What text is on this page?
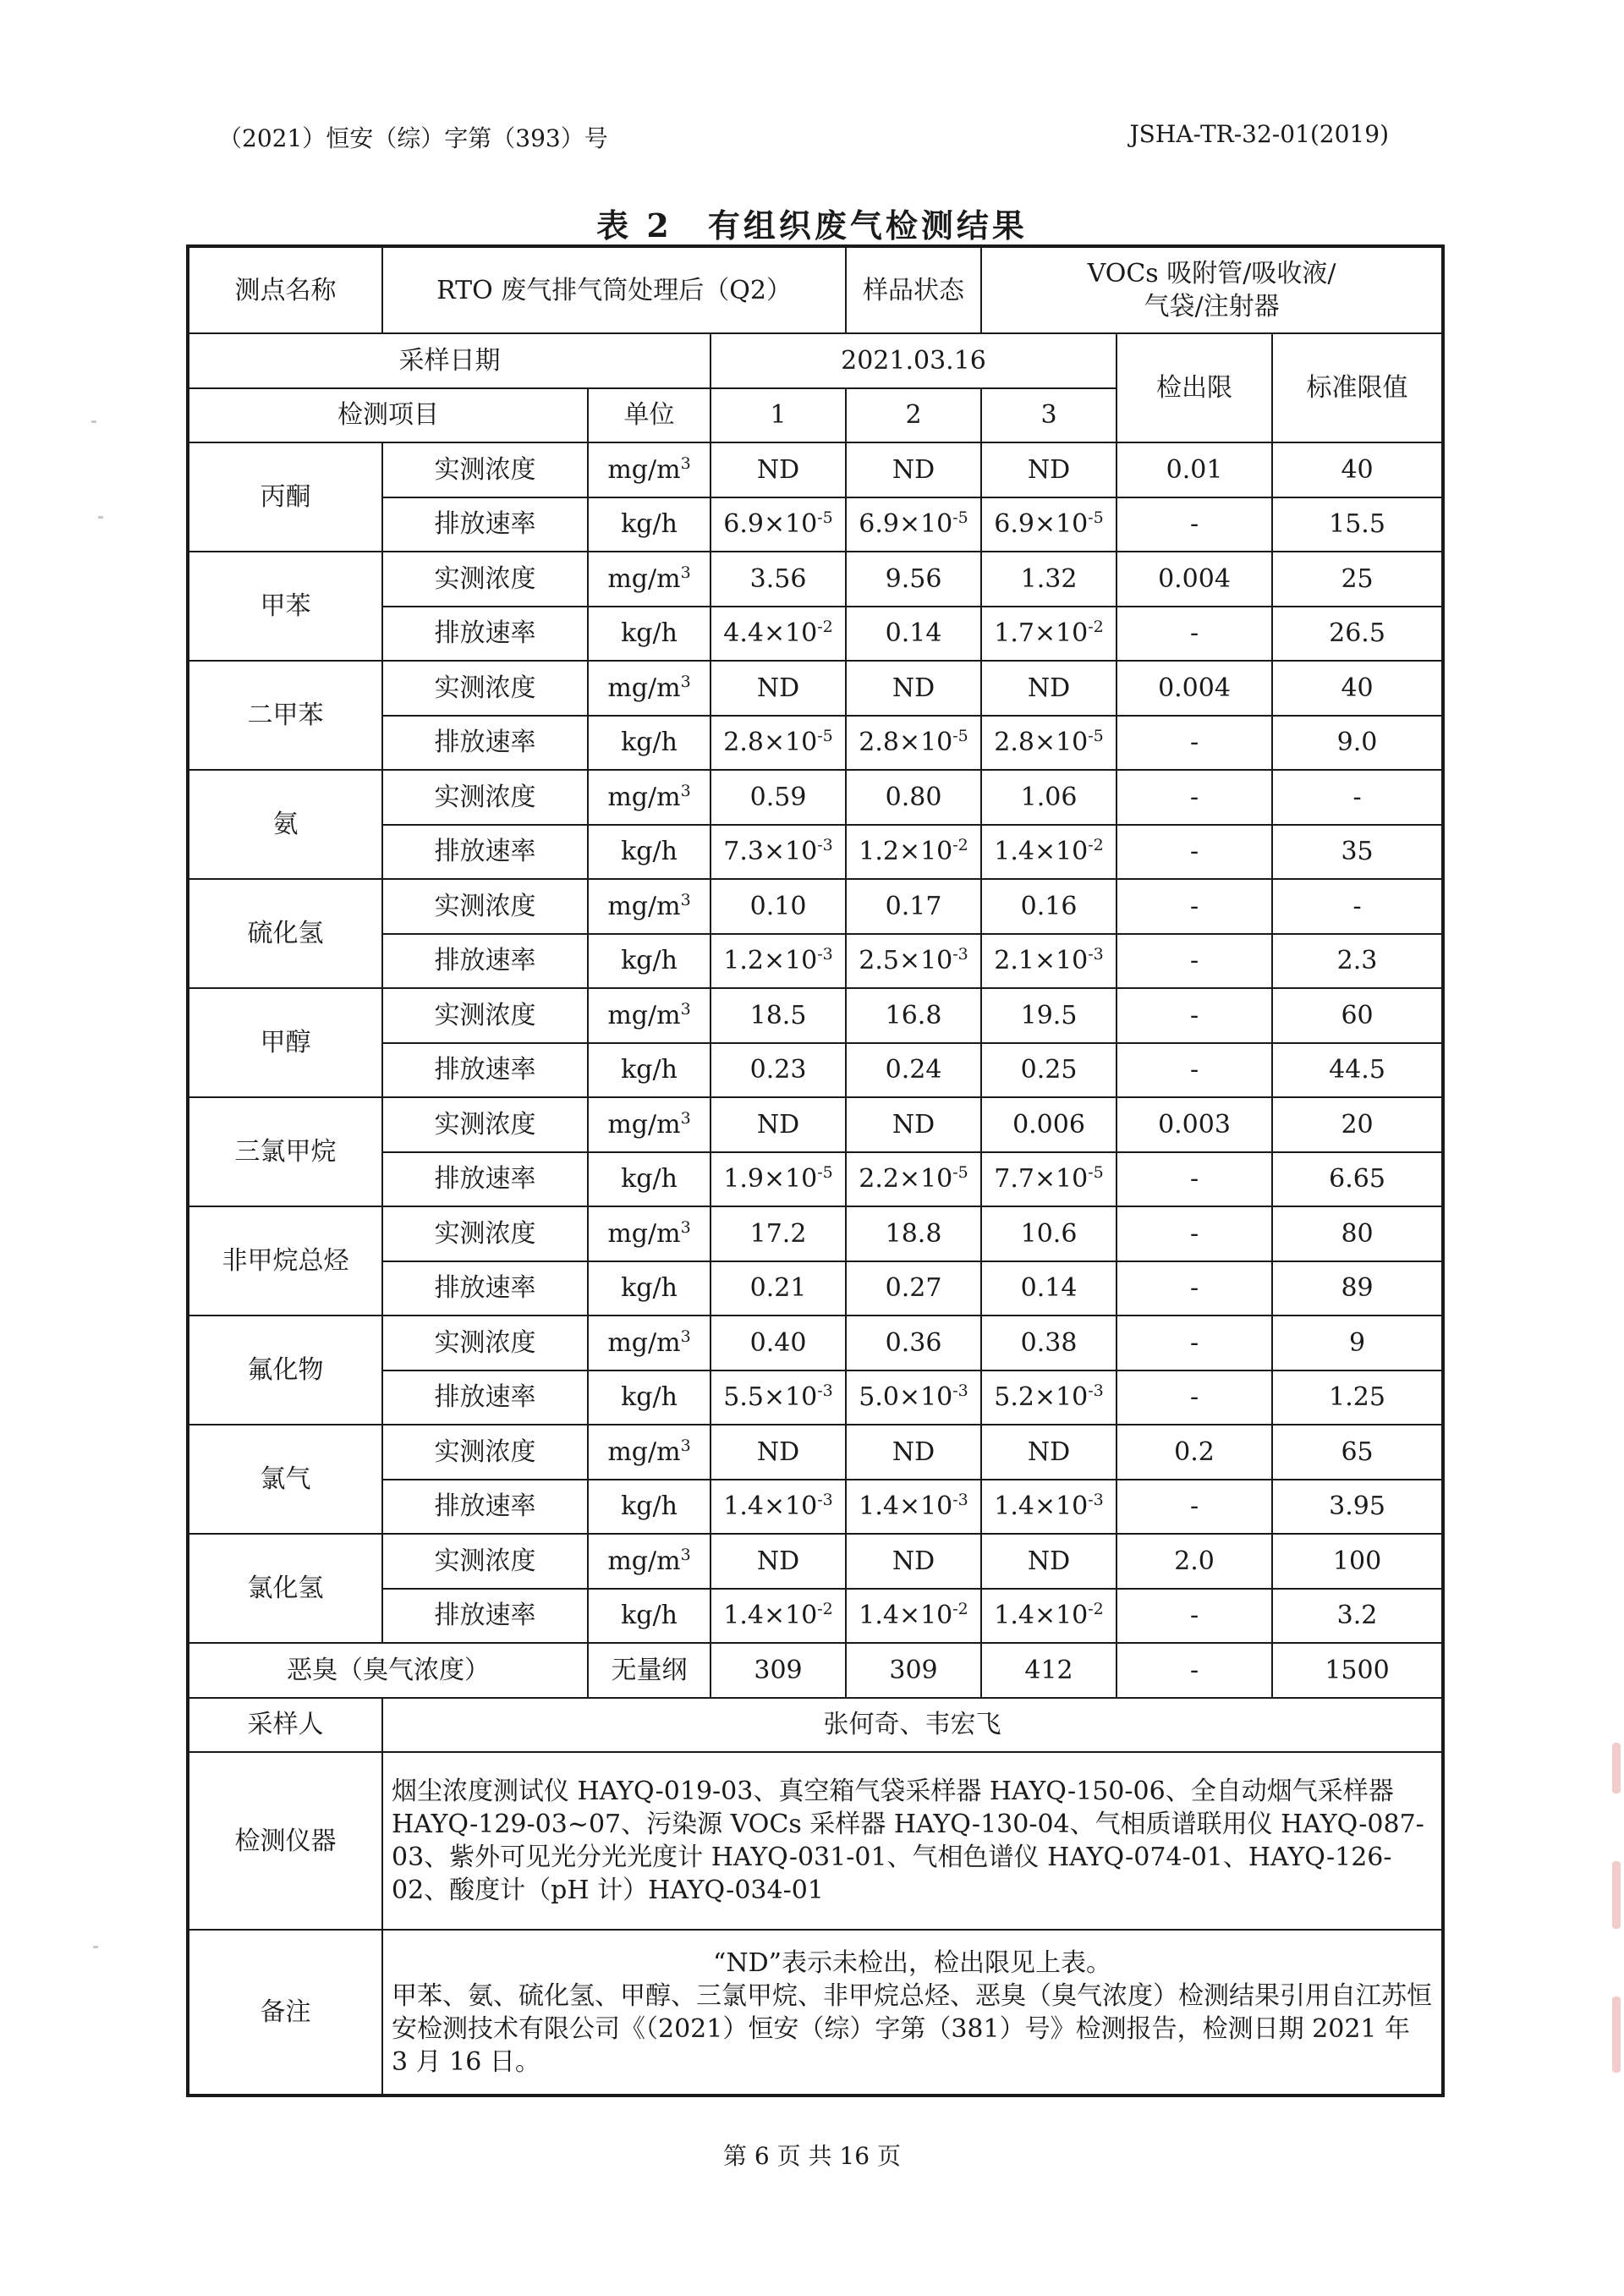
（2021）恒安（综）字第（393）号	JSHA-TR-32-01(2019)
表 2　有组织废气检测结果
测点名称	RTO 废气排气筒处理后（Q2）			样品状态	VOCs 吸附管/吸收液/
气袋/注射器		

采样日期			2021.03.16			检出限	标准限值
检测项目		单位	1	2	3		
丙酮	实测浓度	$mg/m^3$	ND	ND	ND	0.01	40
	排放速率	kg/h	$6.9\times 10^{-5}$	$6.9\times 10^{-5}$	$6.9\times 10^{-5}$	-	15.5
甲苯	实测浓度	$mg/m^3$	3.56	9.56	1.32	0.004	25
	排放速率	kg/h	$4.4\times 10^{-2}$	0.14	$1.7\times 10^{-2}$	-	26.5
二甲苯	实测浓度	$mg/m^3$	ND	ND	ND	0.004	40
	排放速率	kg/h	$2.8\times 10^{-5}$	$2.8\times 10^{-5}$	$2.8\times 10^{-5}$	-	9.0
氨	实测浓度	$mg/m^3$	0.59	0.80	1.06	-	-
	排放速率	kg/h	$7.3\times 10^{-3}$	$1.2\times 10^{-2}$	$1.4\times 10^{-2}$	-	35
硫化氢	实测浓度	$mg/m^3$	0.10	0.17	0.16	-	-
	排放速率	kg/h	$1.2\times 10^{-3}$	$2.5\times 10^{-3}$	$2.1\times 10^{-3}$	-	2.3
甲醇	实测浓度	$mg/m^3$	18.5	16.8	19.5	-	60
	排放速率	kg/h	0.23	0.24	0.25	-	44.5
三氯甲烷	实测浓度	$mg/m^3$	ND	ND	0.006	0.003	20
	排放速率	kg/h	$1.9\times 10^{-5}$	$2.2\times 10^{-5}$	$7.7\times 10^{-5}$	-	6.65
非甲烷总烃	实测浓度	$mg/m^3$	17.2	18.8	10.6	-	80
	排放速率	kg/h	0.21	0.27	0.14	-	89
氟化物	实测浓度	$mg/m^3$	0.40	0.36	0.38	-	9
	排放速率	kg/h	$5.5\times 10^{-3}$	$5.0\times 10^{-3}$	$5.2\times 10^{-3}$	-	1.25
氯气	实测浓度	$mg/m^3$	ND	ND	ND	0.2	65
	排放速率	kg/h	$1.4\times 10^{-3}$	$1.4\times 10^{-3}$	$1.4\times 10^{-3}$	-	3.95
氯化氢	实测浓度	$mg/m^3$	ND	ND	ND	2.0	100
	排放速率	kg/h	$1.4\times 10^{-2}$	$1.4\times 10^{-2}$	$1.4\times 10^{-2}$	-	3.2
恶臭（臭气浓度）		无量纲	309	309	412	-	1500
采样人	张何奇、韦宏飞						
检测仪器	烟尘浓度测试仪 HAYQ-019-03、真空箱气袋采样器 HAYQ-150-06、全自动烟气采样器 HAYQ-129-03~07、污染源 VOCs 采样器 HAYQ-130-04、气相质谱联用仪 HAYQ-087-03、紫外可见光分光光度计 HAYQ-031-01、气相色谱仪 HAYQ-074-01、HAYQ-126-02、酸度计（pH 计）HAYQ-034-01						
备注	“ND”表示未检出，检出限见上表。
甲苯、氨、硫化氢、甲醇、三氯甲烷、非甲烷总烃、恶臭（臭气浓度）检测结果引用自江苏恒安检测技术有限公司《（2021）恒安（综）字第（381）号》检测报告，检测日期 2021 年 3 月 16 日。						
第 6 页 共 16 页
